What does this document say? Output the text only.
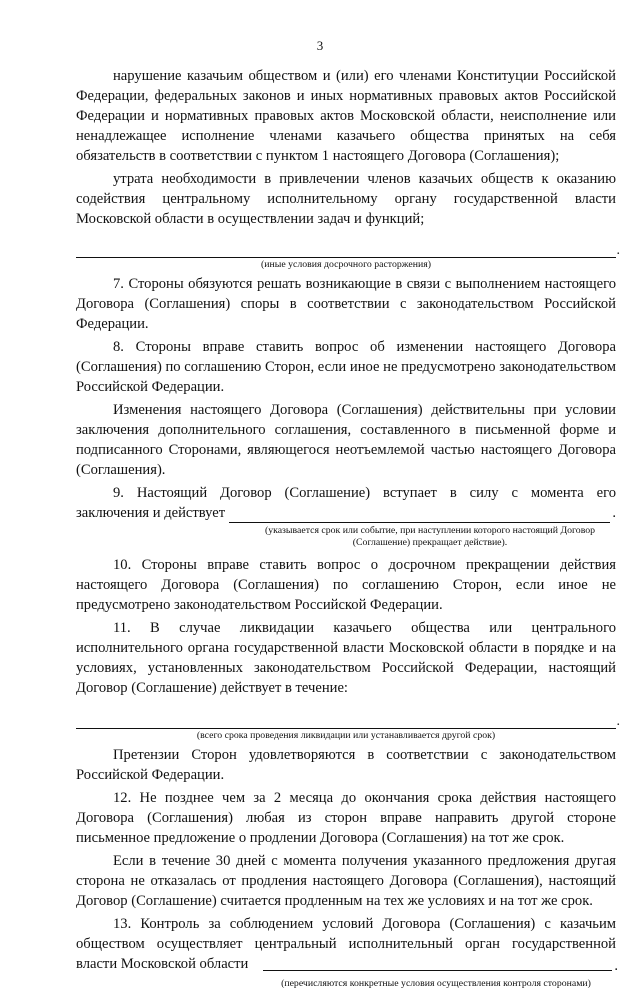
3

нарушение казачьим обществом и (или) его членами Конституции Российской Федерации, федеральных законов и иных нормативных правовых актов Российской Федерации и нормативных правовых актов Московской области, неисполнение или ненадлежащее исполнение членами казачьего общества принятых на себя обязательств в соответствии с пунктом 1 настоящего Договора (Соглашения);

утрата необходимости в привлечении членов казачьих обществ к оказанию содействия центральному исполнительному органу государственной власти Московской области в осуществлении задач и функций;

.
(иные условия досрочного расторжения)

7. Стороны обязуются решать возникающие в связи с выполнением настоящего Договора (Соглашения) споры в соответствии с законодательством Российской Федерации.

8. Стороны вправе ставить вопрос об изменении настоящего Договора (Соглашения) по соглашению Сторон, если иное не предусмотрено законодательством Российской Федерации.

Изменения настоящего Договора (Соглашения) действительны при условии заключения дополнительного соглашения, составленного в письменной форме и подписанного Сторонами, являющегося неотъемлемой частью настоящего Договора (Соглашения).

9. Настоящий Договор (Соглашение) вступает в силу с момента его

заключения и действует	.
(указывается срок или событие, при наступлении которого настоящий Договор (Соглашение) прекращает действие).

10. Стороны вправе ставить вопрос о досрочном прекращении действия настоящего Договора (Соглашения) по соглашению Сторон, если иное не предусмотрено законодательством Российской Федерации.

11. В случае ликвидации казачьего общества или центрального исполнительного органа государственной власти Московской области в порядке и на условиях, установленных законодательством Российской Федерации, настоящий Договор (Соглашение) действует в течение:

.
(всего срока проведения ликвидации или устанавливается другой срок)

Претензии Сторон удовлетворяются в соответствии с законодательством Российской Федерации.

12. Не позднее чем за 2 месяца до окончания срока действия настоящего Договора (Соглашения) любая из сторон вправе направить другой стороне письменное предложение о продлении Договора (Соглашения) на тот же срок.

Если в течение 30 дней с момента получения указанного предложения другая сторона не отказалась от продления настоящего Договора (Соглашения), настоящий Договор (Соглашение) считается продленным на тех же условиях и на тот же срок.

13. Контроль за соблюдением условий Договора (Соглашения) с казачьим обществом осуществляет центральный исполнительный орган государственной власти Московской области	.
(перечисляются конкретные условия осуществления контроля сторонами)
